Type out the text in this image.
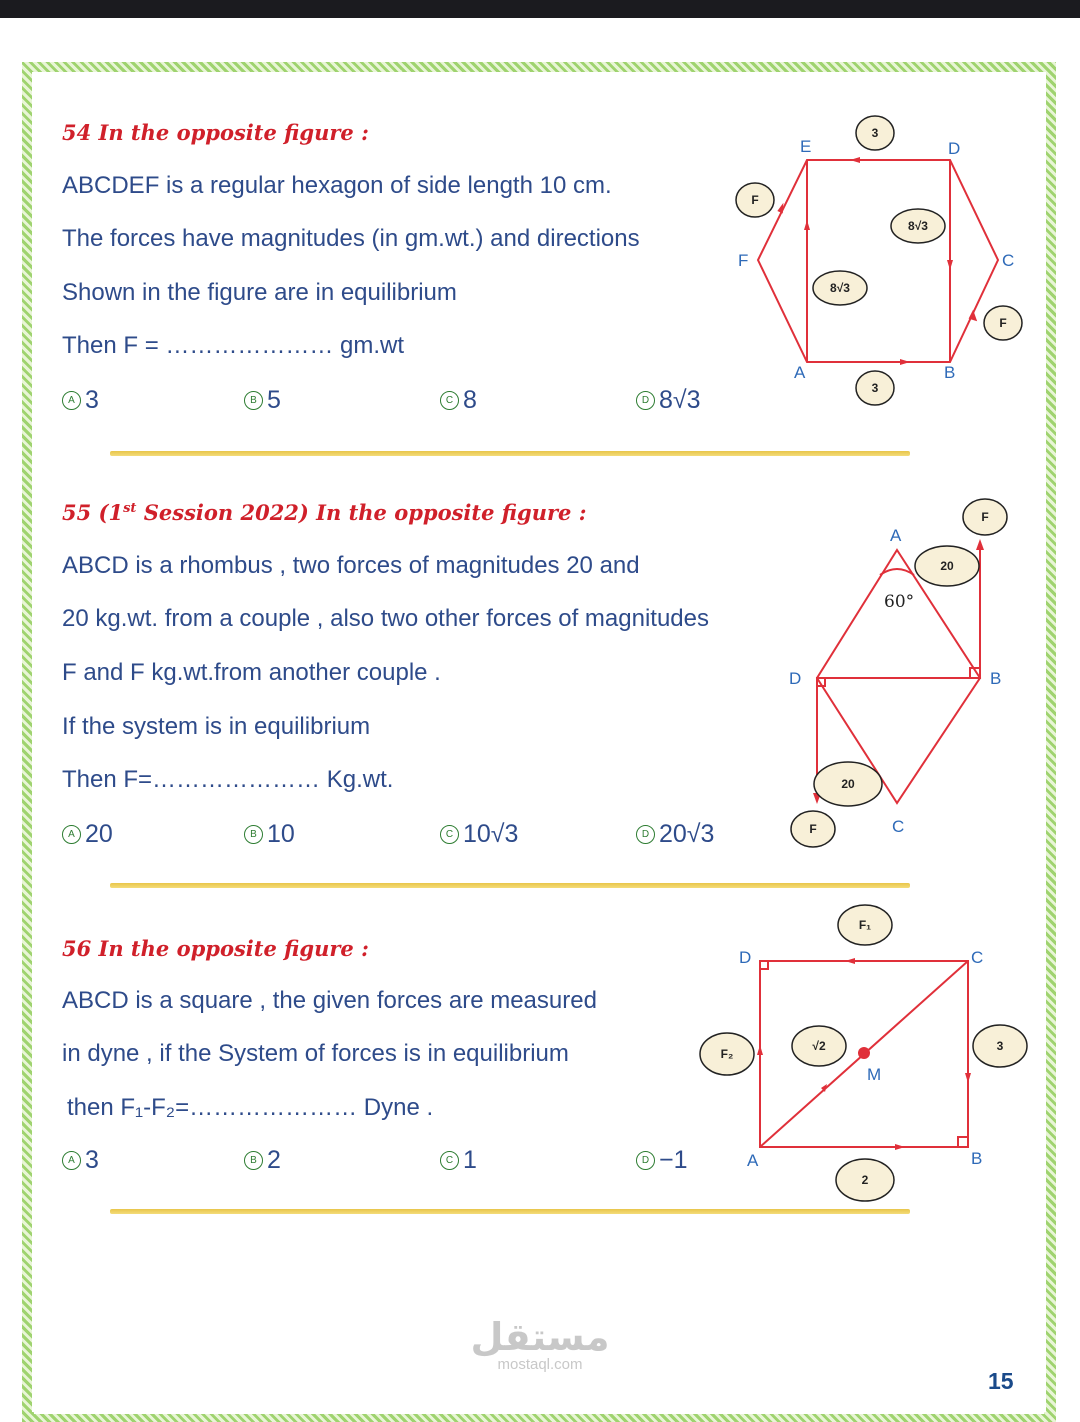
54 In the opposite figure :
ABCDEF is a regular hexagon of side length 10 cm.
The forces have magnitudes (in gm.wt.) and directions
Shown in the figure are in equilibrium
Then F = ………………… gm.wt
A 3	B 5	C 8	D 8√3
E	D
C
F
A	B
3
F
8√3
8√3
F
3
55 (1st Session 2022) In the opposite figure :
ABCD is a rhombus , two forces of magnitudes 20 and
20 kg.wt. from a couple , also two other forces of magnitudes
F and F kg.wt.from another couple .
If the system is in equilibrium
Then F=………………… Kg.wt.
A 20	B 10	C 10√3	D 20√3
A
B
C
D
60°
F
20
20
F
56 In the opposite figure :
ABCD is a square , the given forces are measured
in dyne , if the System of forces is in equilibrium
then F₁-F₂=………………… Dyne .
A 3	B 2	C 1	D −1
D	C
A	B
M
F₁
F₂
√2	3
2
مستقل
mostaql.com
15
